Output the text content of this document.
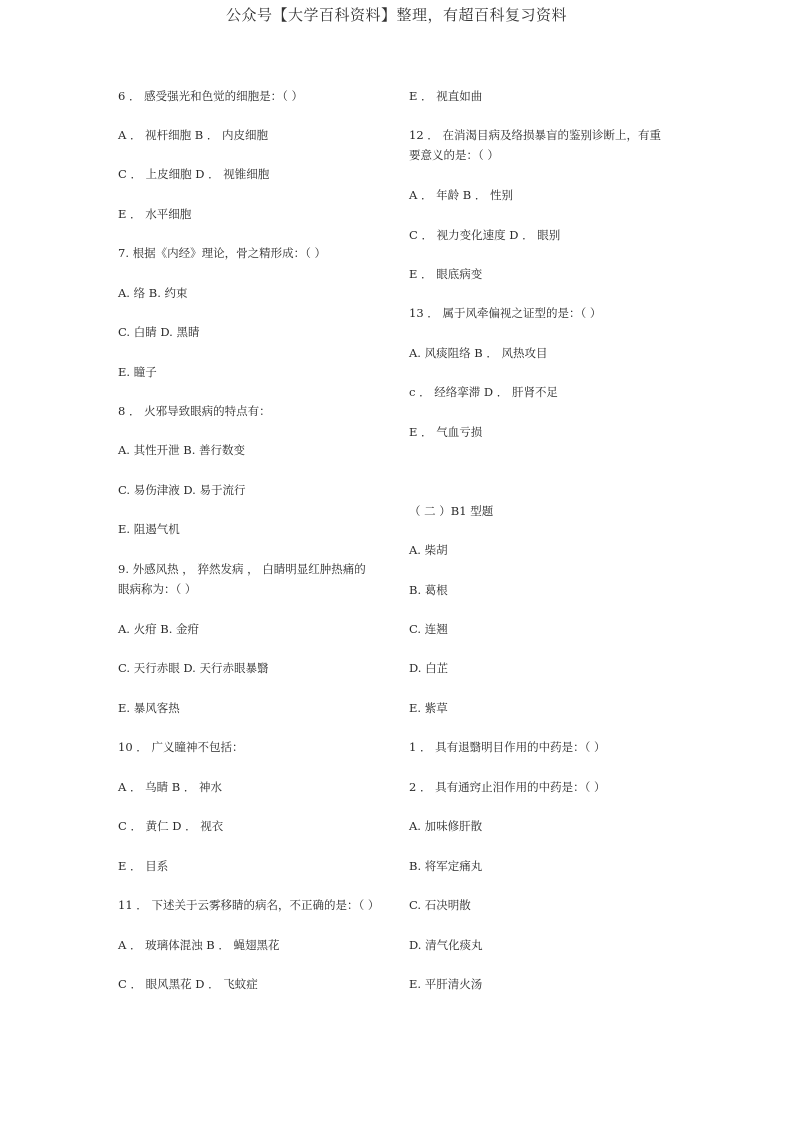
公众号【大学百科资料】整理，有超百科复习资料
6 ． 感受强光和色觉的细胞是：（ ）
A ． 视杆细胞 B ． 内皮细胞
C ． 上皮细胞 D ． 视锥细胞
E ． 水平细胞
7. 根据《内经》理论，骨之精形成：（ ）
A. 络 B. 约束
C. 白睛 D. 黑睛
E. 瞳子
8 ． 火邪导致眼病的特点有：
A. 其性开泄 B. 善行数变
C. 易伤津液 D. 易于流行
E. 阻遏气机
9. 外感风热 ， 猝然发病 ， 白睛明显红肿热痛的
眼病称为：（ ）
A. 火疳 B. 金疳
C. 天行赤眼 D. 天行赤眼暴翳
E. 暴风客热
10 ． 广义瞳神不包括：
A ． 乌睛 B ． 神水
C ． 黄仁 D ． 视衣
E ． 目系
11 ． 下述关于云雾移睛的病名，不正确的是：（ ）
A ． 玻璃体混浊 B ． 蝇翅黑花
C ． 眼风黑花 D ． 飞蚊症
E ． 视直如曲
12 ． 在消渴目病及络损暴盲的鉴别诊断上，有重
要意义的是：（ ）
A ． 年龄 B ． 性别
C ． 视力变化速度 D ． 眼别
E ． 眼底病变
13 ． 属于风牵偏视之证型的是：（ ）
A. 风痰阻络 B ． 风热攻目
c ． 经络挛滞 D ． 肝肾不足
E ． 气血亏损
（ 二 ）B1 型题
A. 柴胡
B. 葛根
C. 连翘
D. 白芷
E. 紫草
1 ． 具有退翳明目作用的中药是：（ ）
2 ． 具有通窍止泪作用的中药是：（ ）
A. 加味修肝散
B. 将军定痛丸
C. 石决明散
D. 清气化痰丸
E. 平肝清火汤
